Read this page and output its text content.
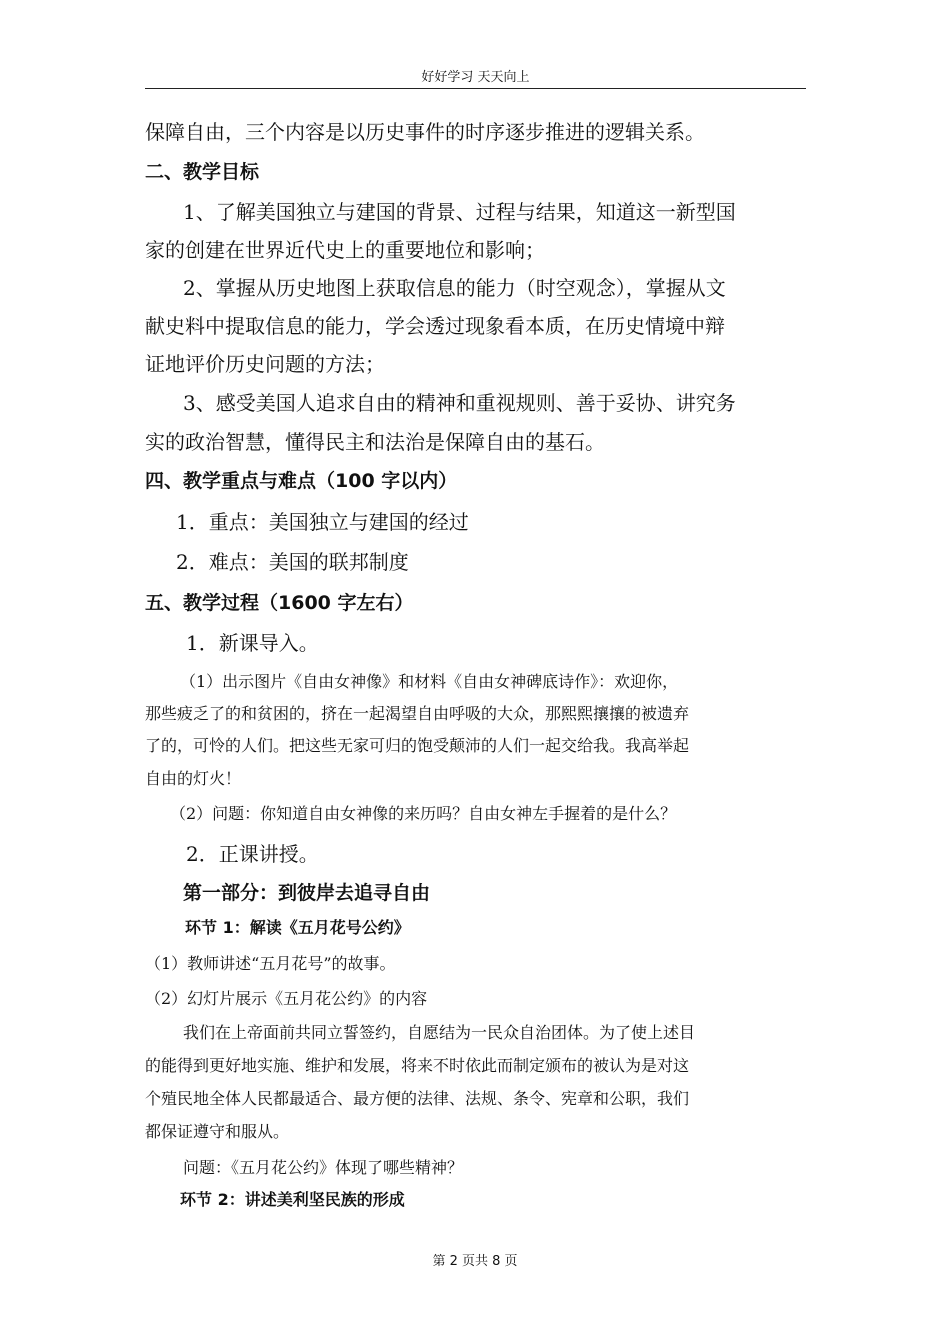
好好学习 天天向上
保障自由，三个内容是以历史事件的时序逐步推进的逻辑关系。
二、教学目标
1、了解美国独立与建国的背景、过程与结果，知道这一新型国
家的创建在世界近代史上的重要地位和影响；
2、掌握从历史地图上获取信息的能力（时空观念），掌握从文
献史料中提取信息的能力，学会透过现象看本质，在历史情境中辩
证地评价历史问题的方法；
3、感受美国人追求自由的精神和重视规则、善于妥协、讲究务
实的政治智慧，懂得民主和法治是保障自由的基石。
四、教学重点与难点（100 字以内）
1．重点：美国独立与建国的经过
2．难点：美国的联邦制度
五、教学过程（1600 字左右）
1．新课导入。
（1）出示图片《自由女神像》和材料《自由女神碑底诗作》：欢迎你，
那些疲乏了的和贫困的，挤在一起渴望自由呼吸的大众，那熙熙攘攘的被遗弃
了的，可怜的人们。把这些无家可归的饱受颠沛的人们一起交给我。我高举起
自由的灯火！
（2）问题：你知道自由女神像的来历吗？自由女神左手握着的是什么？
2．正课讲授。
第一部分：到彼岸去追寻自由
环节 1：解读《五月花号公约》
（1）教师讲述“五月花号”的故事。
（2）幻灯片展示《五月花公约》的内容
我们在上帝面前共同立誓签约，自愿结为一民众自治团体。为了使上述目
的能得到更好地实施、维护和发展，将来不时依此而制定颁布的被认为是对这
个殖民地全体人民都最适合、最方便的法律、法规、条令、宪章和公职，我们
都保证遵守和服从。
问题：《五月花公约》体现了哪些精神？
环节 2：讲述美利坚民族的形成
第 2 页共 8 页
